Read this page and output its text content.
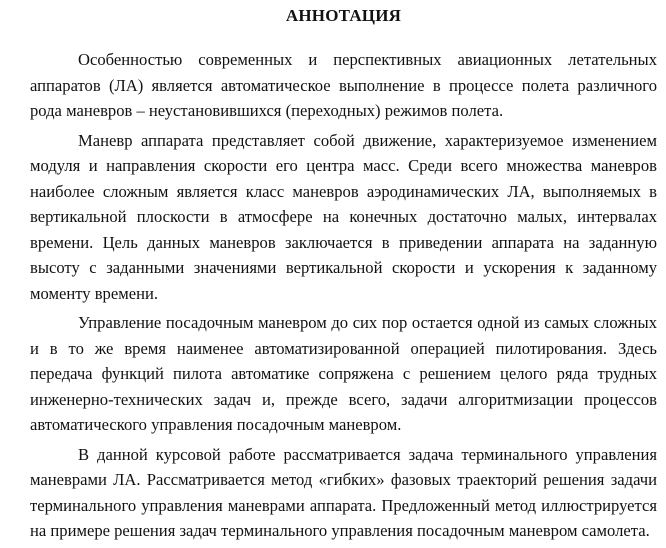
АННОТАЦИЯ

Особенностью современных и перспективных авиационных летательных аппаратов (ЛА) является автоматическое выполнение в процессе полета различного рода маневров – неустановившихся (переходных) режимов полета.

Маневр аппарата представляет собой движение, характеризуемое изменением модуля и направления скорости его центра масс. Среди всего множества маневров наиболее сложным является класс маневров аэродинамических ЛА, выполняемых в вертикальной плоскости в атмосфере на конечных достаточно малых, интервалах времени. Цель данных маневров заключается в приведении аппарата на заданную высоту с заданными значениями вертикальной скорости и ускорения к заданному моменту времени.

Управление посадочным маневром до сих пор остается одной из самых сложных и в то же время наименее автоматизированной операцией пилотирования. Здесь передача функций пилота автоматике сопряжена с решением целого ряда трудных инженерно-технических задач и, прежде всего, задачи алгоритмизации процессов автоматического управления посадочным маневром.

В данной курсовой работе рассматривается задача терминального управления маневрами ЛА. Рассматривается метод «гибких» фазовых траекторий решения задачи терминального управления маневрами аппарата. Предложенный метод иллюстрируется на примере решения задач терминального управления посадочным маневром самолета.
